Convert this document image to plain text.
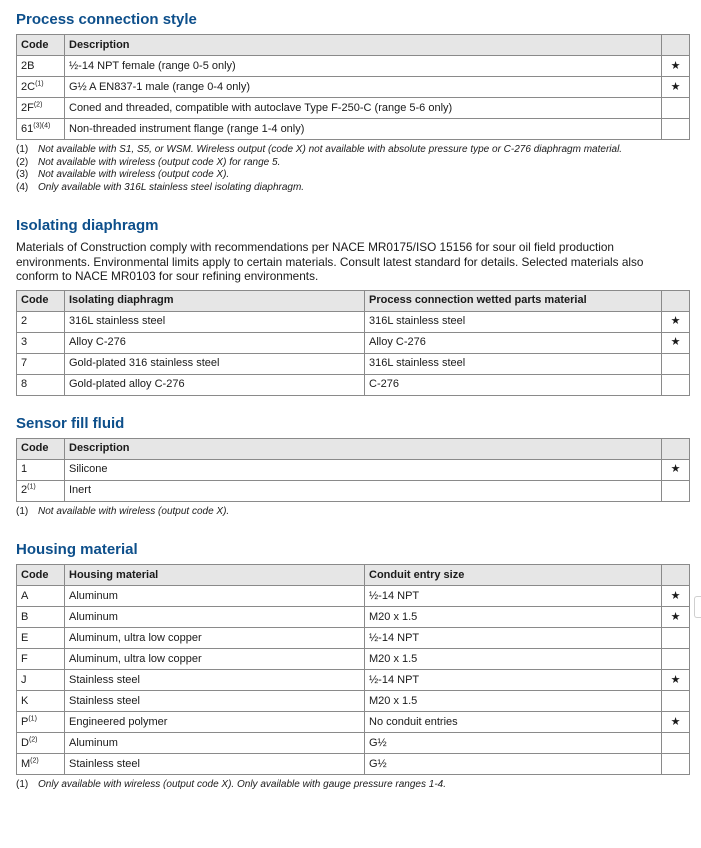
Process connection style
Code	Description	
2B	½-14 NPT female (range 0-5 only)	★
$2C^{(1)}$	G½ A EN837-1 male (range 0-4 only)	★
$2F^{(2)}$	Coned and threaded, compatible with autoclave Type F-250-C (range 5-6 only)	
$61^{(3)(4)}$	Non-threaded instrument flange (range 1-4 only)	
(1) Not available with S1, S5, or WSM. Wireless output (code X) not available with absolute pressure type or C-276 diaphragm material.
(2) Not available with wireless (output code X) for range 5.
(3) Not available with wireless (output code X).
(4) Only available with 316L stainless steel isolating diaphragm.
Isolating diaphragm

Materials of Construction comply with recommendations per NACE MR0175/ISO 15156 for sour oil field production environments. Environmental limits apply to certain materials. Consult latest standard for details. Selected materials also conform to NACE MR0103 for sour refining environments.

Code	Isolating diaphragm	Process connection wetted parts material	
2	316L stainless steel	316L stainless steel	★
3	Alloy C-276	Alloy C-276	★
7	Gold-plated 316 stainless steel	316L stainless steel	
8	Gold-plated alloy C-276	C-276	
Sensor fill fluid
Code	Description	
1	Silicone	★
2$^{(1)}$	Inert	
(1) Not available with wireless (output code X).
Housing material
Code	Housing material	Conduit entry size	
A	Aluminum	½-14 NPT	★
B	Aluminum	M20 x 1.5	★
E	Aluminum, ultra low copper	½-14 NPT	
F	Aluminum, ultra low copper	M20 x 1.5	
J	Stainless steel	½-14 NPT	★
K	Stainless steel	M20 x 1.5	
$P^{(1)}$	Engineered polymer	No conduit entries	★
$D^{(2)}$	Aluminum	G½	
$M^{(2)}$	Stainless steel	G½	
(1) Only available with wireless (output code X). Only available with gauge pressure ranges 1-4.
